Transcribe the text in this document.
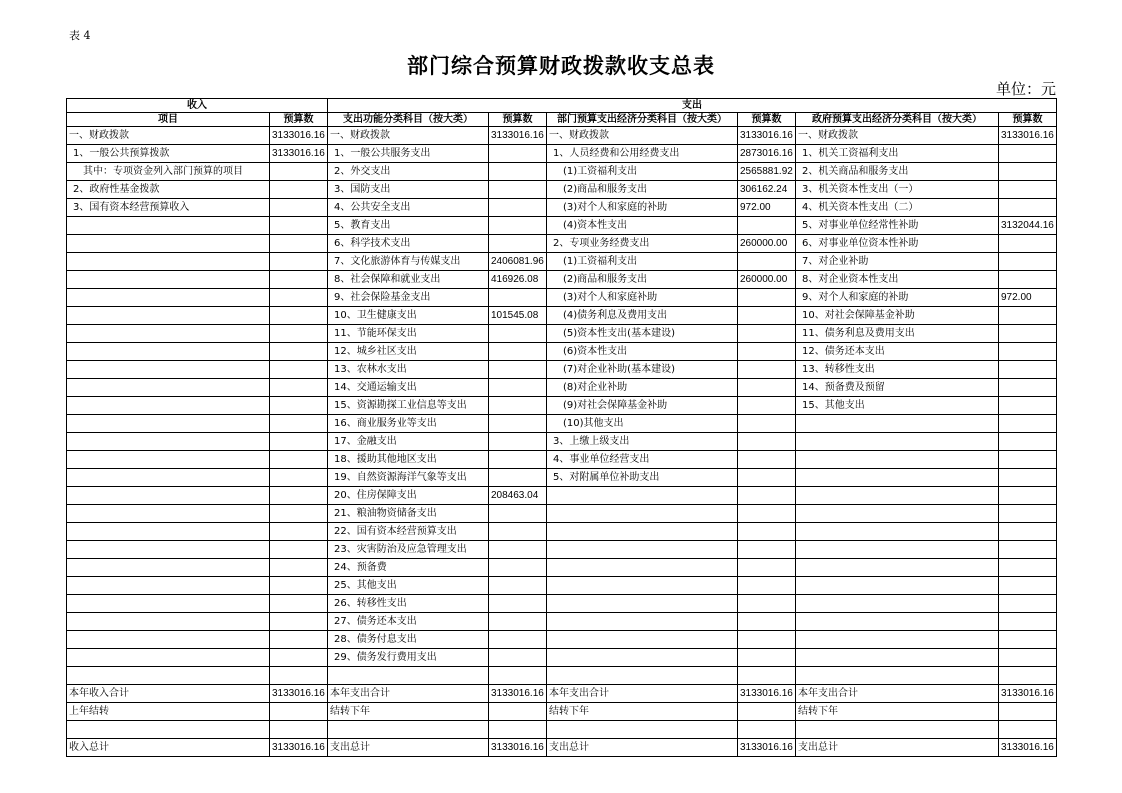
表 4
部门综合预算财政拨款收支总表
单位：元
收入		支出					
项目	预算数	支出功能分类科目（按大类）	预算数	部门预算支出经济分类科目（按大类）	预算数	政府预算支出经济分类科目（按大类）	预算数
一、财政拨款	3133016.16	一、财政拨款	3133016.16	一、财政拨款	3133016.16	一、财政拨款	3133016.16
1、一般公共预算拨款	3133016.16	1、一般公共服务支出		1、人员经费和公用经费支出	2873016.16	1、机关工资福利支出	
其中：专项资金列入部门预算的项目		2、外交支出		(1)工资福利支出	2565881.92	2、机关商品和服务支出	
2、政府性基金拨款		3、国防支出		(2)商品和服务支出	306162.24	3、机关资本性支出（一）	
3、国有资本经营预算收入		4、公共安全支出		(3)对个人和家庭的补助	972.00	4、机关资本性支出（二）	
		5、教育支出		(4)资本性支出		5、对事业单位经常性补助	3132044.16
		6、科学技术支出		2、专项业务经费支出	260000.00	6、对事业单位资本性补助	
		7、文化旅游体育与传媒支出	2406081.96	(1)工资福利支出		7、对企业补助	
		8、社会保障和就业支出	416926.08	(2)商品和服务支出	260000.00	8、对企业资本性支出	
		9、社会保险基金支出		(3)对个人和家庭补助		9、对个人和家庭的补助	972.00
		10、卫生健康支出	101545.08	(4)债务利息及费用支出		10、对社会保障基金补助	
		11、节能环保支出		(5)资本性支出(基本建设)		11、债务利息及费用支出	
		12、城乡社区支出		(6)资本性支出		12、债务还本支出	
		13、农林水支出		(7)对企业补助(基本建设)		13、转移性支出	
		14、交通运输支出		(8)对企业补助		14、预备费及预留	
		15、资源勘探工业信息等支出		(9)对社会保障基金补助		15、其他支出	
		16、商业服务业等支出		(10)其他支出			
		17、金融支出		3、上缴上级支出			
		18、援助其他地区支出		4、事业单位经营支出			
		19、自然资源海洋气象等支出		5、对附属单位补助支出			
		20、住房保障支出	208463.04				
		21、粮油物资储备支出					
		22、国有资本经营预算支出					
		23、灾害防治及应急管理支出					
		24、预备费					
		25、其他支出					
		26、转移性支出					
		27、债务还本支出					
		28、债务付息支出					
		29、债务发行费用支出					

本年收入合计	3133016.16	本年支出合计	3133016.16	本年支出合计	3133016.16	本年支出合计	3133016.16
上年结转		结转下年		结转下年		结转下年	

收入总计	3133016.16	支出总计	3133016.16	支出总计	3133016.16	支出总计	3133016.16
